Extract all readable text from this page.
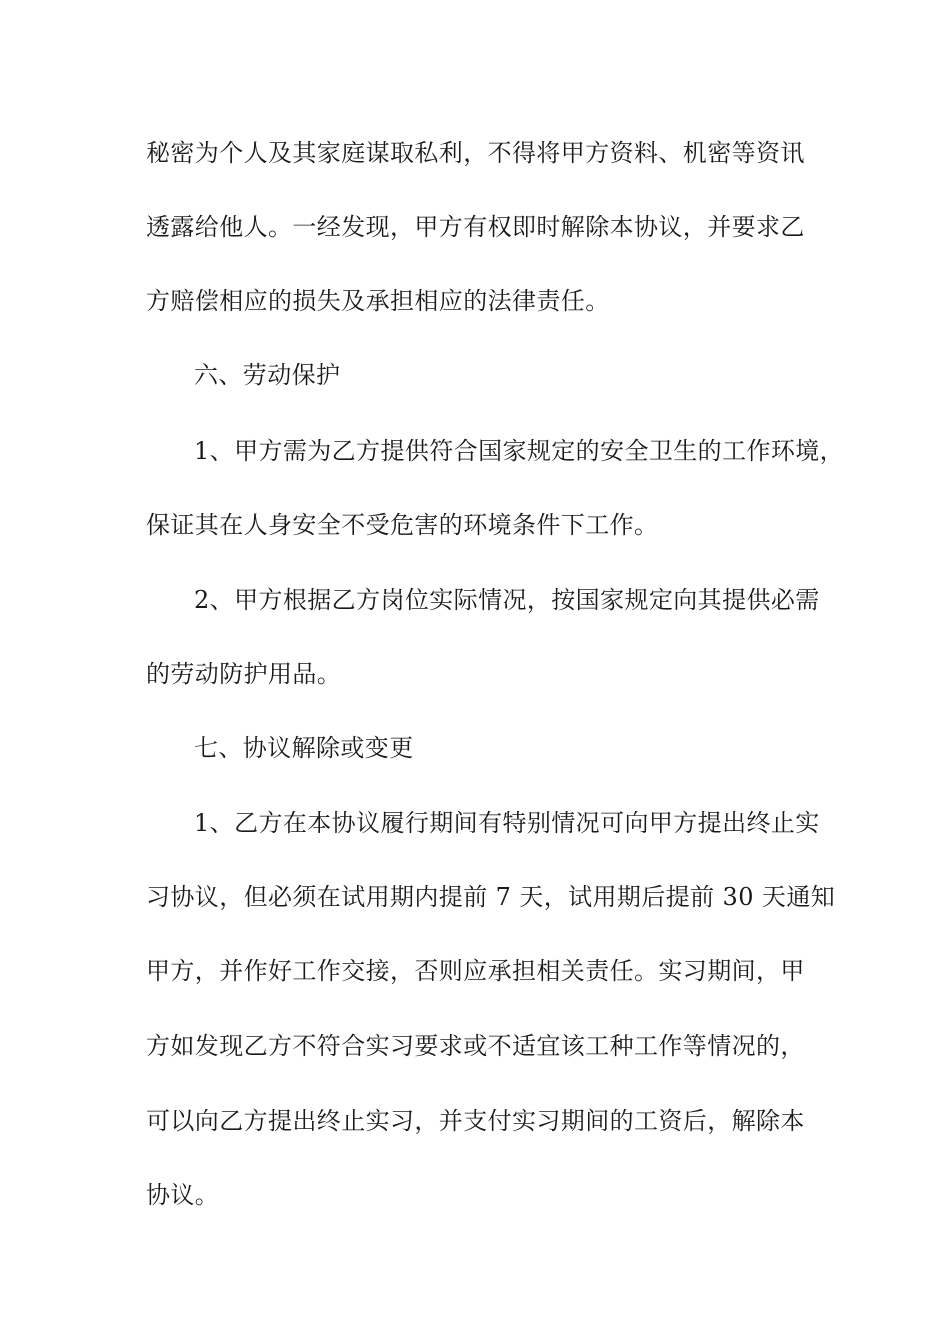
秘密为个人及其家庭谋取私利，不得将甲方资料、机密等资讯
透露给他人。一经发现，甲方有权即时解除本协议，并要求乙
方赔偿相应的损失及承担相应的法律责任。
六、劳动保护
1、甲方需为乙方提供符合国家规定的安全卫生的工作环境，
保证其在人身安全不受危害的环境条件下工作。
2、甲方根据乙方岗位实际情况，按国家规定向其提供必需
的劳动防护用品。
七、协议解除或变更
1、乙方在本协议履行期间有特别情况可向甲方提出终止实
习协议，但必须在试用期内提前 7 天，试用期后提前 30 天通知
甲方，并作好工作交接，否则应承担相关责任。实习期间，甲
方如发现乙方不符合实习要求或不适宜该工种工作等情况的，
可以向乙方提出终止实习，并支付实习期间的工资后，解除本
协议。
